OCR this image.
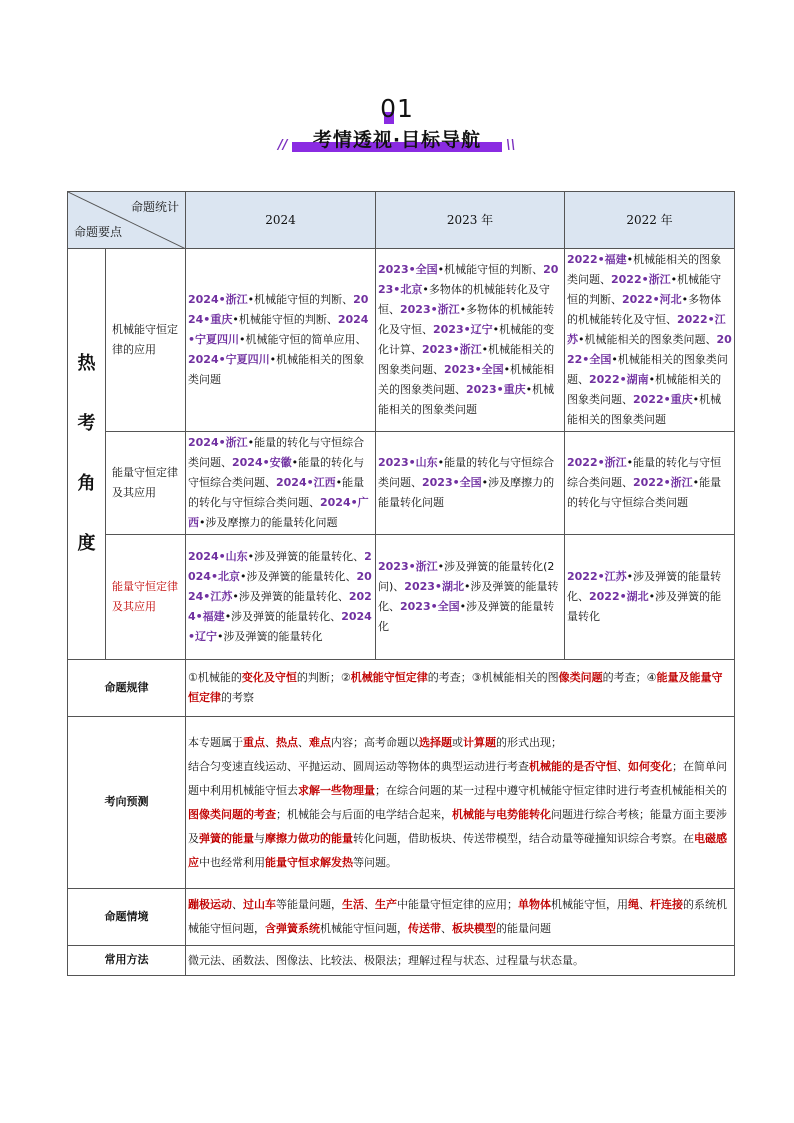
01
考情透视·目标导航
//	\\
命题统计
命题要点		2024	2023 年	2022 年
热

考

角

度	机械能守恒定律的应用	2024•浙江•机械能守恒的判断、2024•重庆•机械能守恒的判断、2024•宁夏四川•机械能守恒的简单应用、2024•宁夏四川•机械能相关的图象类问题	2023•全国•机械能守恒的判断、2023•北京•多物体的机械能转化及守恒、2023•浙江•多物体的机械能转化及守恒、2023•辽宁•机械能的变化计算、2023•浙江•机械能相关的图象类问题、2023•全国•机械能相关的图象类问题、2023•重庆•机械能相关的图象类问题	2022•福建•机械能相关的图象类问题、2022•浙江•机械能守恒的判断、2022•河北•多物体的机械能转化及守恒、2022•江苏•机械能相关的图象类问题、2022•全国•机械能相关的图象类问题、2022•湖南•机械能相关的图象类问题、2022•重庆•机械能相关的图象类问题
	能量守恒定律及其应用	2024•浙江•能量的转化与守恒综合类问题、2024•安徽•能量的转化与守恒综合类问题、2024•江西•能量的转化与守恒综合类问题、2024•广西•涉及摩擦力的能量转化问题	2023•山东•能量的转化与守恒综合类问题、2023•全国•涉及摩擦力的能量转化问题	2022•浙江•能量的转化与守恒综合类问题、2022•浙江•能量的转化与守恒综合类问题
	能量守恒定律及其应用	2024•山东•涉及弹簧的能量转化、2024•北京•涉及弹簧的能量转化、2024•江苏•涉及弹簧的能量转化、2024•福建•涉及弹簧的能量转化、2024•辽宁•涉及弹簧的能量转化	2023•浙江•涉及弹簧的能量转化(2问)、2023•湖北•涉及弹簧的能量转化、2023•全国•涉及弹簧的能量转化	2022•江苏•涉及弹簧的能量转化、2022•湖北•涉及弹簧的能量转化
命题规律		①机械能的变化及守恒的判断；②机械能守恒定律的考查；③机械能相关的图像类问题的考查；④能量及能量守恒定律的考察		
考向预测		本专题属于重点、热点、难点内容；高考命题以选择题或计算题的形式出现；
结合匀变速直线运动、平抛运动、圆周运动等物体的典型运动进行考查机械能的是否守恒、如何变化；在简单问题中利用机械能守恒去求解一些物理量；在综合问题的某一过程中遵守机械能守恒定律时进行考查机械能相关的图像类问题的考查；机械能会与后面的电学结合起来，机械能与电势能转化问题进行综合考核；能量方面主要涉及弹簧的能量与摩擦力做功的能量转化问题，借助板块、传送带模型，结合动量等碰撞知识综合考察。在电磁感应中也经常利用能量守恒求解发热等问题。		
命题情境		蹦极运动、过山车等能量问题，生活、生产中能量守恒定律的应用；单物体机械能守恒，用绳、杆连接的系统机械能守恒问题，含弹簧系统机械能守恒问题，传送带、板块模型的能量问题		
常用方法		微元法、函数法、图像法、比较法、极限法；理解过程与状态、过程量与状态量。		
